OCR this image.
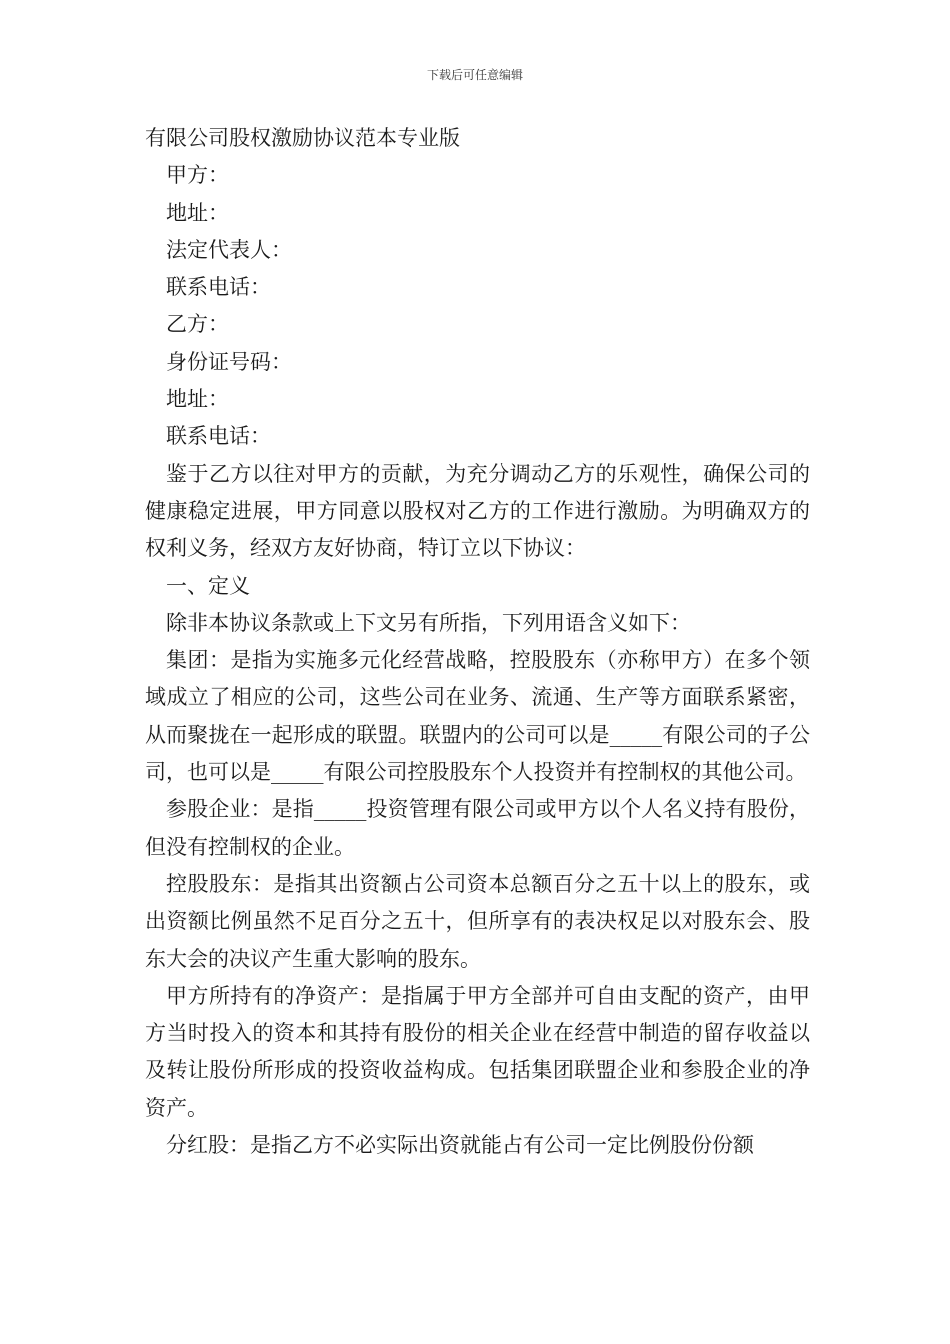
下载后可任意编辑
有限公司股权激励协议范本专业版

甲方：

地址：

法定代表人：

联系电话：

乙方：

身份证号码：

地址：

联系电话：

鉴于乙方以往对甲方的贡献，为充分调动乙方的乐观性，确保公司的健康稳定进展，甲方同意以股权对乙方的工作进行激励。为明确双方的权利义务，经双方友好协商，特订立以下协议：

一、定义

除非本协议条款或上下文另有所指，下列用语含义如下：

集团：是指为实施多元化经营战略，控股股东（亦称甲方）在多个领域成立了相应的公司，这些公司在业务、流通、生产等方面联系紧密，从而聚拢在一起形成的联盟。联盟内的公司可以是_____有限公司的子公司，也可以是_____有限公司控股股东个人投资并有控制权的其他公司。

参股企业：是指_____投资管理有限公司或甲方以个人名义持有股份，但没有控制权的企业。

控股股东：是指其出资额占公司资本总额百分之五十以上的股东，或出资额比例虽然不足百分之五十，但所享有的表决权足以对股东会、股东大会的决议产生重大影响的股东。

甲方所持有的净资产：是指属于甲方全部并可自由支配的资产，由甲方当时投入的资本和其持有股份的相关企业在经营中制造的留存收益以及转让股份所形成的投资收益构成。包括集团联盟企业和参股企业的净资产。

分红股：是指乙方不必实际出资就能占有公司一定比例股份份额
